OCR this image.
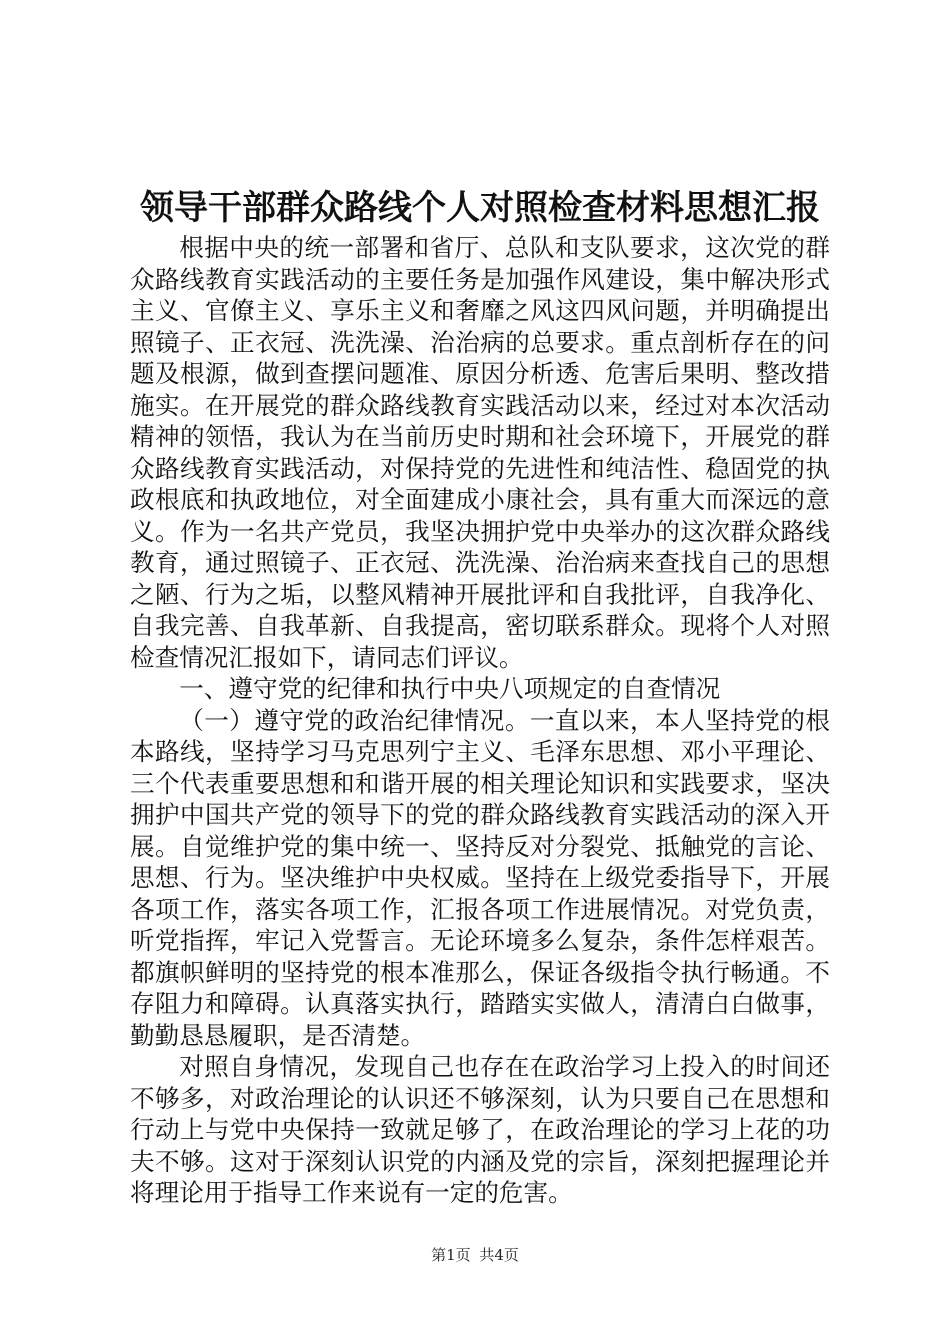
领导干部群众路线个人对照检查材料思想汇报

根据中央的统一部署和省厅、总队和支队要求，这次党的群众路线教育实践活动的主要任务是加强作风建设，集中解决形式主义、官僚主义、享乐主义和奢靡之风这四风问题，并明确提出照镜子、正衣冠、洗洗澡、治治病的总要求。重点剖析存在的问题及根源，做到查摆问题准、原因分析透、危害后果明、整改措施实。在开展党的群众路线教育实践活动以来，经过对本次活动精神的领悟，我认为在当前历史时期和社会环境下，开展党的群众路线教育实践活动，对保持党的先进性和纯洁性、稳固党的执政根底和执政地位，对全面建成小康社会，具有重大而深远的意义。作为一名共产党员，我坚决拥护党中央举办的这次群众路线教育，通过照镜子、正衣冠、洗洗澡、治治病来查找自己的思想之陋、行为之垢，以整风精神开展批评和自我批评，自我净化、自我完善、自我革新、自我提高，密切联系群众。现将个人对照检查情况汇报如下，请同志们评议。

一、遵守党的纪律和执行中央八项规定的自查情况

（一）遵守党的政治纪律情况。一直以来，本人坚持党的根本路线，坚持学习马克思列宁主义、毛泽东思想、邓小平理论、三个代表重要思想和和谐开展的相关理论知识和实践要求，坚决拥护中国共产党的领导下的党的群众路线教育实践活动的深入开展。自觉维护党的集中统一、坚持反对分裂党、抵触党的言论、思想、行为。坚决维护中央权威。坚持在上级党委指导下，开展各项工作，落实各项工作，汇报各项工作进展情况。对党负责，听党指挥，牢记入党誓言。无论环境多么复杂，条件怎样艰苦。都旗帜鲜明的坚持党的根本准那么，保证各级指令执行畅通。不存阻力和障碍。认真落实执行，踏踏实实做人，清清白白做事，勤勤恳恳履职，是否清楚。

对照自身情况，发现自己也存在在政治学习上投入的时间还不够多，对政治理论的认识还不够深刻，认为只要自己在思想和行动上与党中央保持一致就足够了，在政治理论的学习上花的功夫不够。这对于深刻认识党的内涵及党的宗旨，深刻把握理论并将理论用于指导工作来说有一定的危害。

第1页 共4页
